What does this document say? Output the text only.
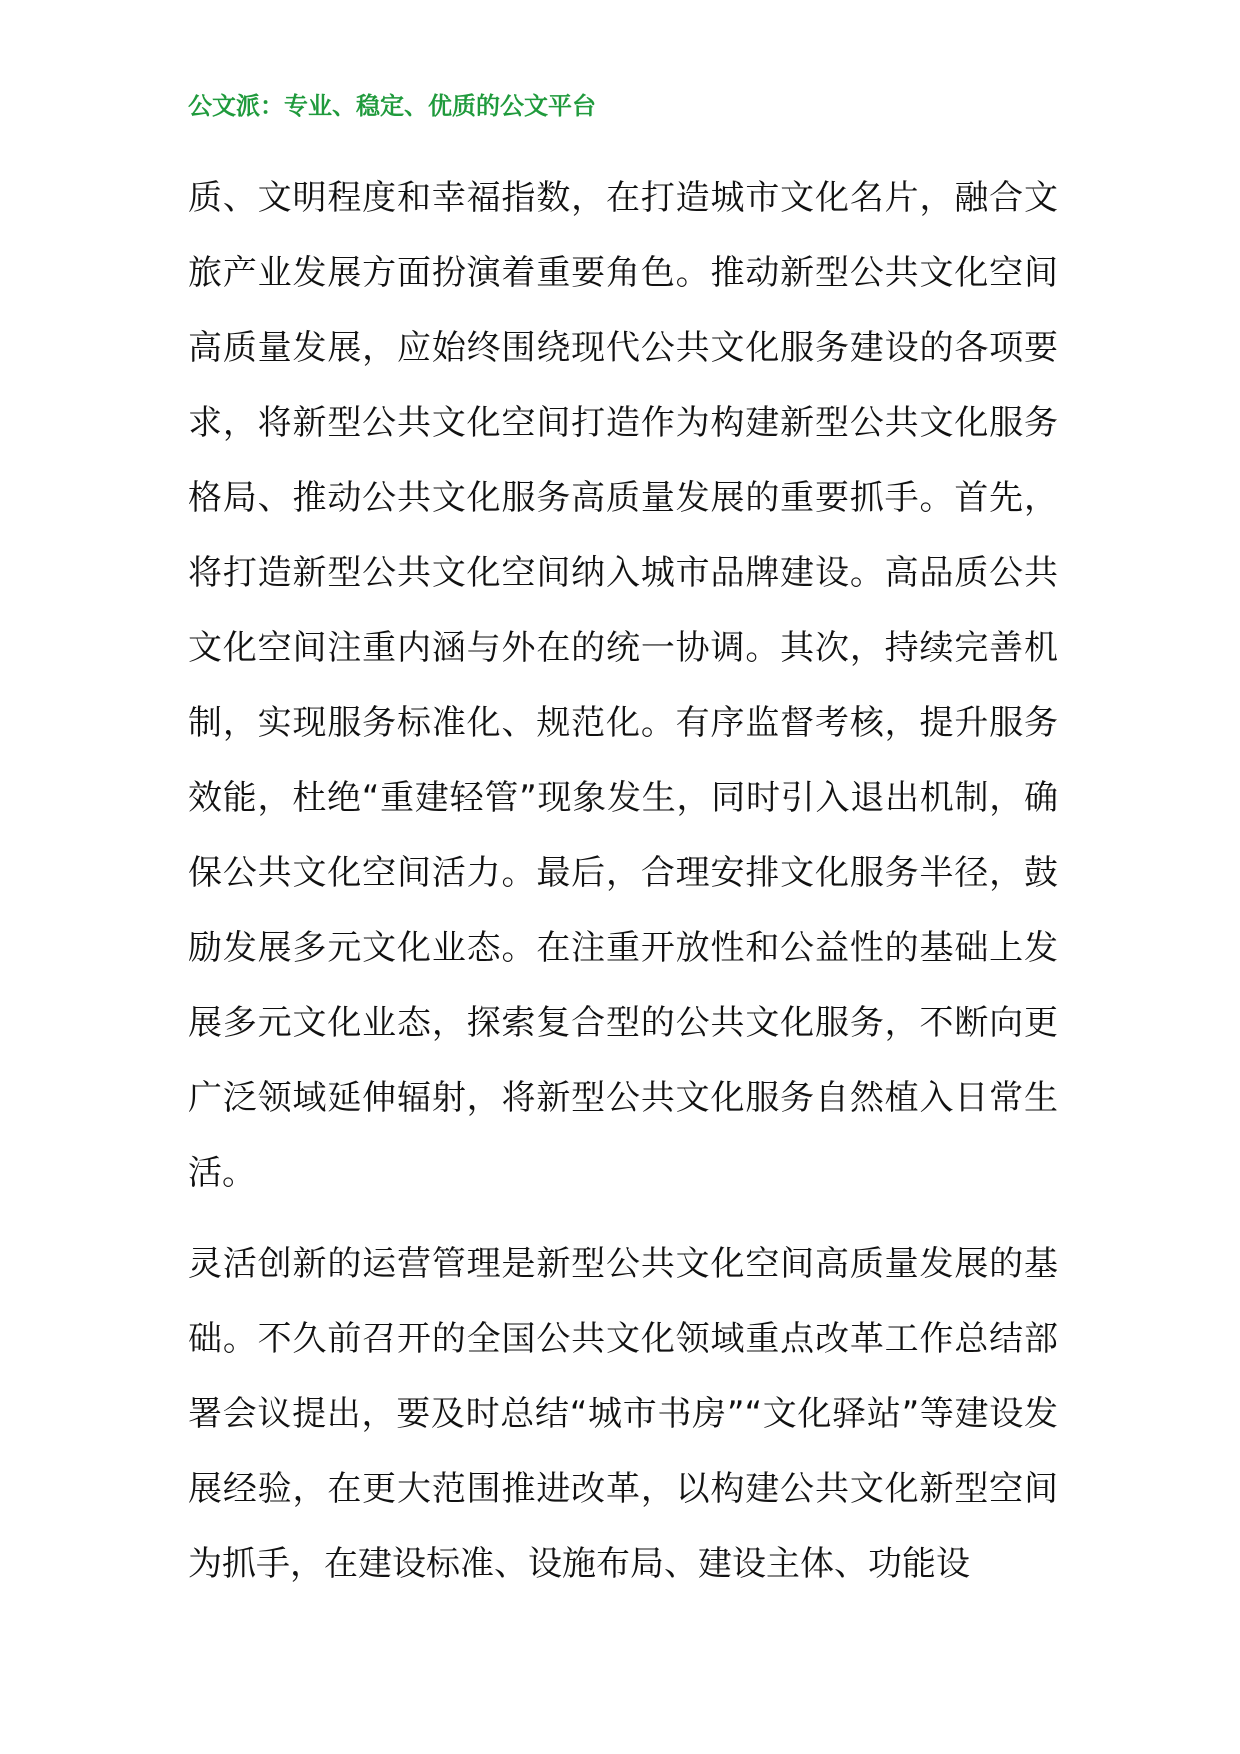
公文派：专业、稳定、优质的公文平台

质、文明程度和幸福指数，在打造城市文化名片，融合文旅产业发展方面扮演着重要角色。推动新型公共文化空间高质量发展，应始终围绕现代公共文化服务建设的各项要求，将新型公共文化空间打造作为构建新型公共文化服务格局、推动公共文化服务高质量发展的重要抓手。首先，将打造新型公共文化空间纳入城市品牌建设。高品质公共文化空间注重内涵与外在的统一协调。其次，持续完善机制，实现服务标准化、规范化。有序监督考核，提升服务效能，杜绝“重建轻管”现象发生，同时引入退出机制，确保公共文化空间活力。最后，合理安排文化服务半径，鼓励发展多元文化业态。在注重开放性和公益性的基础上发展多元文化业态，探索复合型的公共文化服务，不断向更广泛领域延伸辐射，将新型公共文化服务自然植入日常生活。

灵活创新的运营管理是新型公共文化空间高质量发展的基础。不久前召开的全国公共文化领域重点改革工作总结部署会议提出，要及时总结“城市书房”“文化驿站”等建设发展经验，在更大范围推进改革，以构建公共文化新型空间为抓手，在建设标准、设施布局、建设主体、功能设
